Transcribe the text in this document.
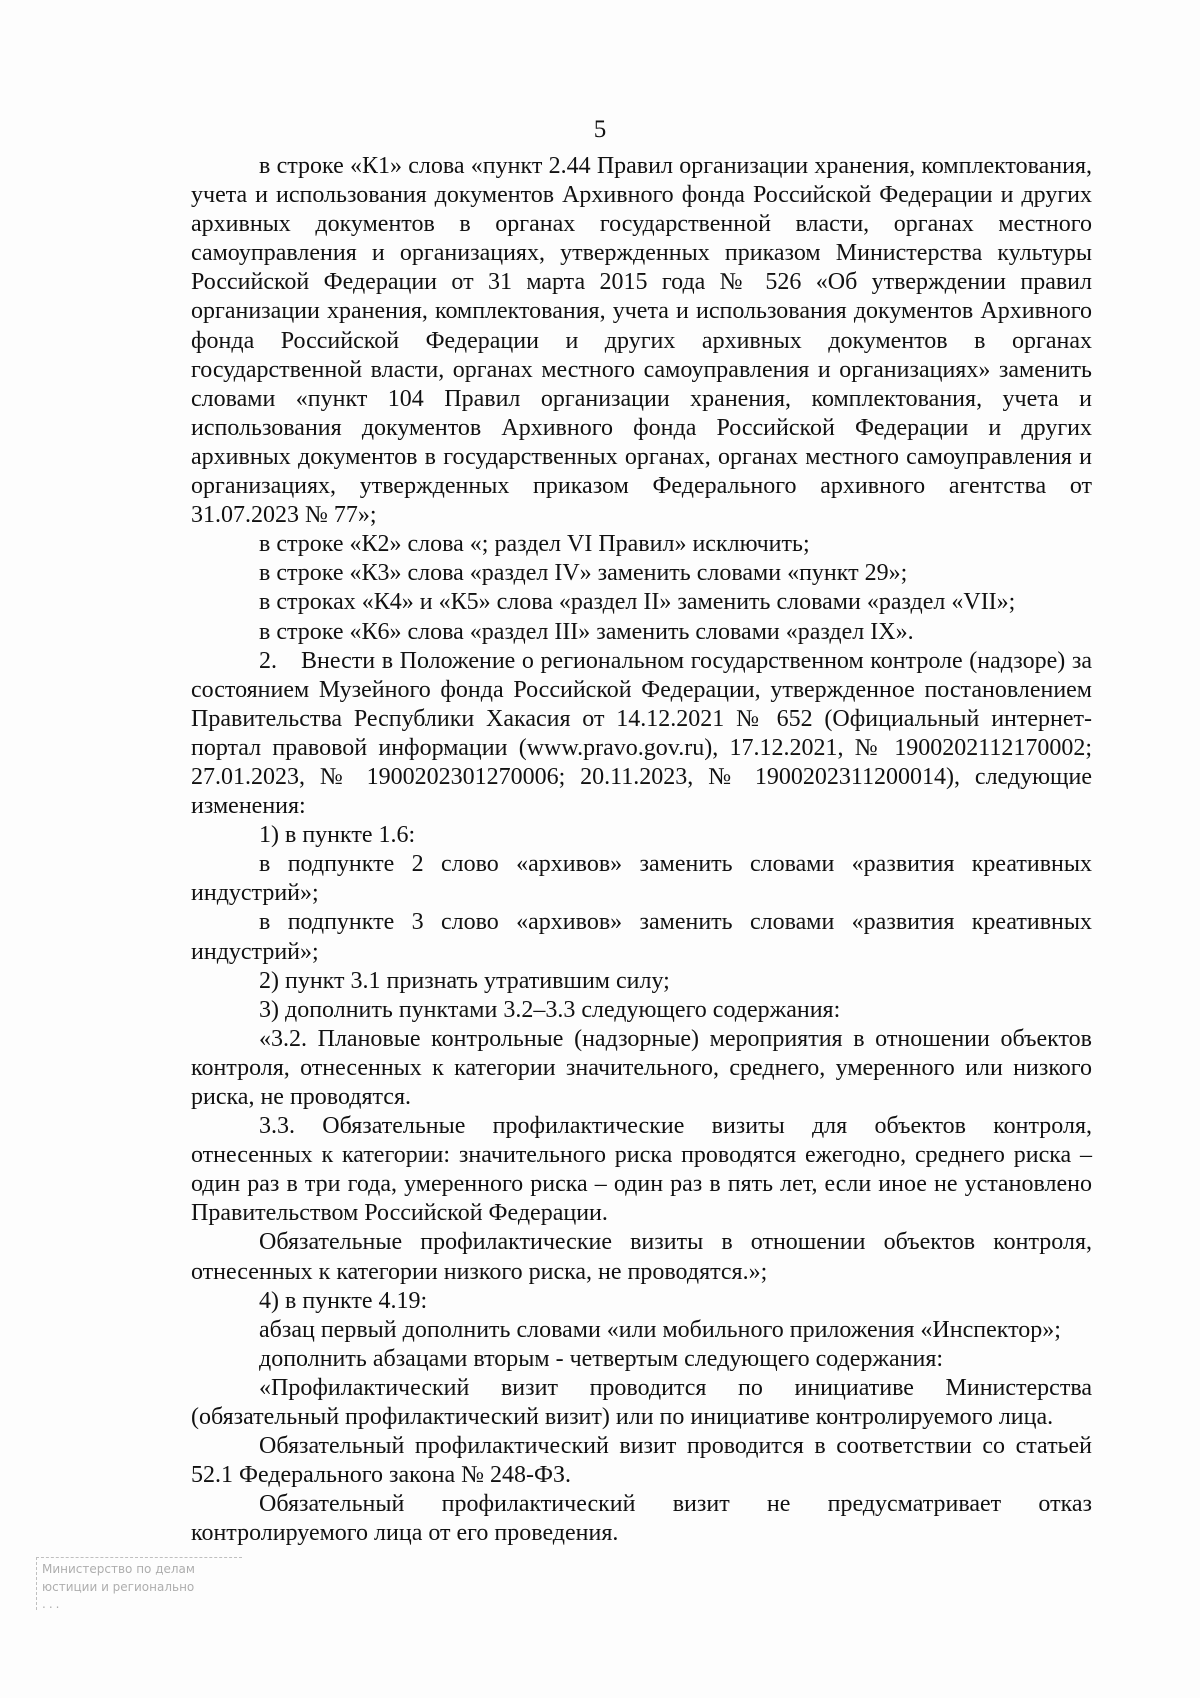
5

в строке «К1» слова «пункт 2.44 Правил организации хранения, комплектования, учета и использования документов Архивного фонда Российской Федерации и других архивных документов в органах государственной власти, органах местного самоуправления и организациях, утвержденных приказом Министерства культуры Российской Федерации от 31 марта 2015 года № 526 «Об утверждении правил организации хранения, комплектования, учета и использования документов Архивного фонда Российской Федерации и других архивных документов в органах государственной власти, органах местного самоуправления и организациях» заменить словами «пункт 104 Правил организации хранения, комплектования, учета и использования документов Архивного фонда Российской Федерации и других архивных документов в государственных органах, органах местного самоуправления и организациях, утвержденных приказом Федерального архивного агентства от 31.07.2023 № 77»;

в строке «К2» слова «; раздел VI Правил» исключить;

в строке «К3» слова «раздел IV» заменить словами «пункт 29»;

в строках «К4» и «К5» слова «раздел II» заменить словами «раздел «VII»;

в строке «К6» слова «раздел III» заменить словами «раздел IX».

2. Внести в Положение о региональном государственном контроле (надзоре) за состоянием Музейного фонда Российской Федерации, утвержденное постановлением Правительства Республики Хакасия от 14.12.2021 № 652 (Официальный интернет-портал правовой информации (www.pravo.gov.ru), 17.12.2021, № 1900202112170002; 27.01.2023, № 1900202301270006; 20.11.2023, № 1900202311200014), следующие изменения:

1) в пункте 1.6:

в подпункте 2 слово «архивов» заменить словами «развития креативных индустрий»;

в подпункте 3 слово «архивов» заменить словами «развития креативных индустрий»;

2) пункт 3.1 признать утратившим силу;

3) дополнить пунктами 3.2–3.3 следующего содержания:

«3.2. Плановые контрольные (надзорные) мероприятия в отношении объектов контроля, отнесенных к категории значительного, среднего, умеренного или низкого риска, не проводятся.

3.3. Обязательные профилактические визиты для объектов контроля, отнесенных к категории: значительного риска проводятся ежегодно, среднего риска – один раз в три года, умеренного риска – один раз в пять лет, если иное не установлено Правительством Российской Федерации.

Обязательные профилактические визиты в отношении объектов контроля, отнесенных к категории низкого риска, не проводятся.»;

4) в пункте 4.19:

абзац первый дополнить словами «или мобильного приложения «Инспектор»;

дополнить абзацами вторым - четвертым следующего содержания:

«Профилактический визит проводится по инициативе Министерства (обязательный профилактический визит) или по инициативе контролируемого лица.

Обязательный профилактический визит проводится в соответствии со статьей 52.1 Федерального закона № 248-ФЗ.

Обязательный профилактический визит не предусматривает отказ контролируемого лица от его проведения.

Министерство по делам
юстиции и регионально
...
